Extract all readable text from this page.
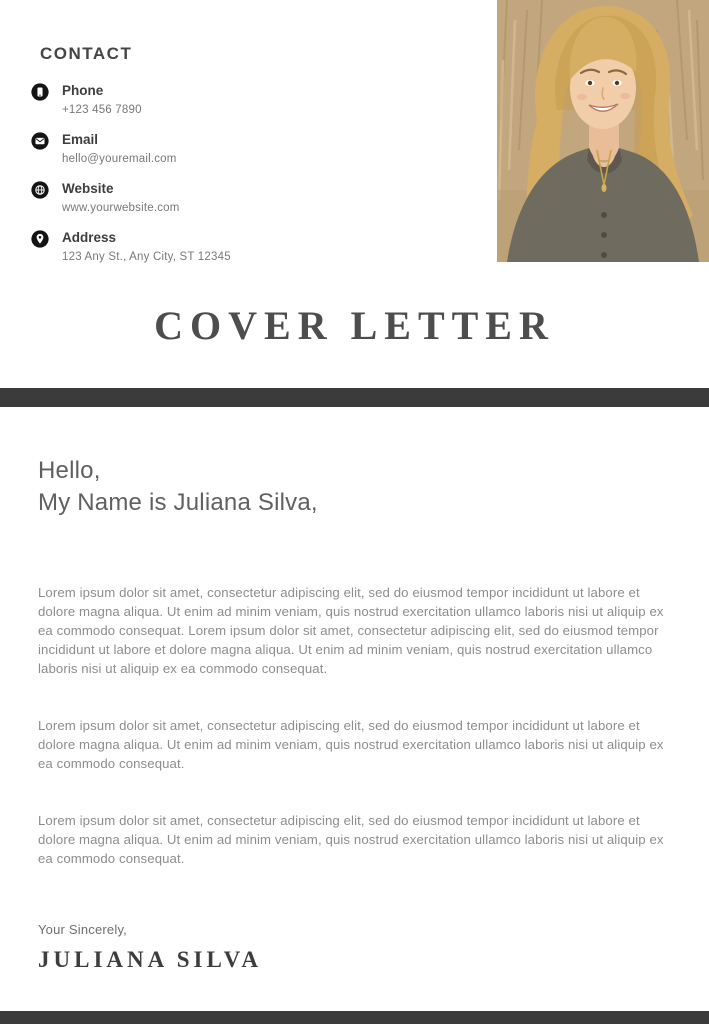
CONTACT
Phone
+123 456 7890
Email
hello@youremail.com
Website
www.yourwebsite.com
Address
123 Any St., Any City, ST 12345
COVER LETTER
Hello,
My Name is Juliana Silva,

Lorem ipsum dolor sit amet, consectetur adipiscing elit, sed do eiusmod tempor incididunt ut labore et dolore magna aliqua. Ut enim ad minim veniam, quis nostrud exercitation ullamco laboris nisi ut aliquip ex ea commodo consequat. Lorem ipsum dolor sit amet, consectetur adipiscing elit, sed do eiusmod tempor incididunt ut labore et dolore magna aliqua. Ut enim ad minim veniam, quis nostrud exercitation ullamco laboris nisi ut aliquip ex ea commodo consequat.

Lorem ipsum dolor sit amet, consectetur adipiscing elit, sed do eiusmod tempor incididunt ut labore et dolore magna aliqua. Ut enim ad minim veniam, quis nostrud exercitation ullamco laboris nisi ut aliquip ex ea commodo consequat.

Lorem ipsum dolor sit amet, consectetur adipiscing elit, sed do eiusmod tempor incididunt ut labore et dolore magna aliqua. Ut enim ad minim veniam, quis nostrud exercitation ullamco laboris nisi ut aliquip ex ea commodo consequat.

Your Sincerely,
JULIANA SILVA
